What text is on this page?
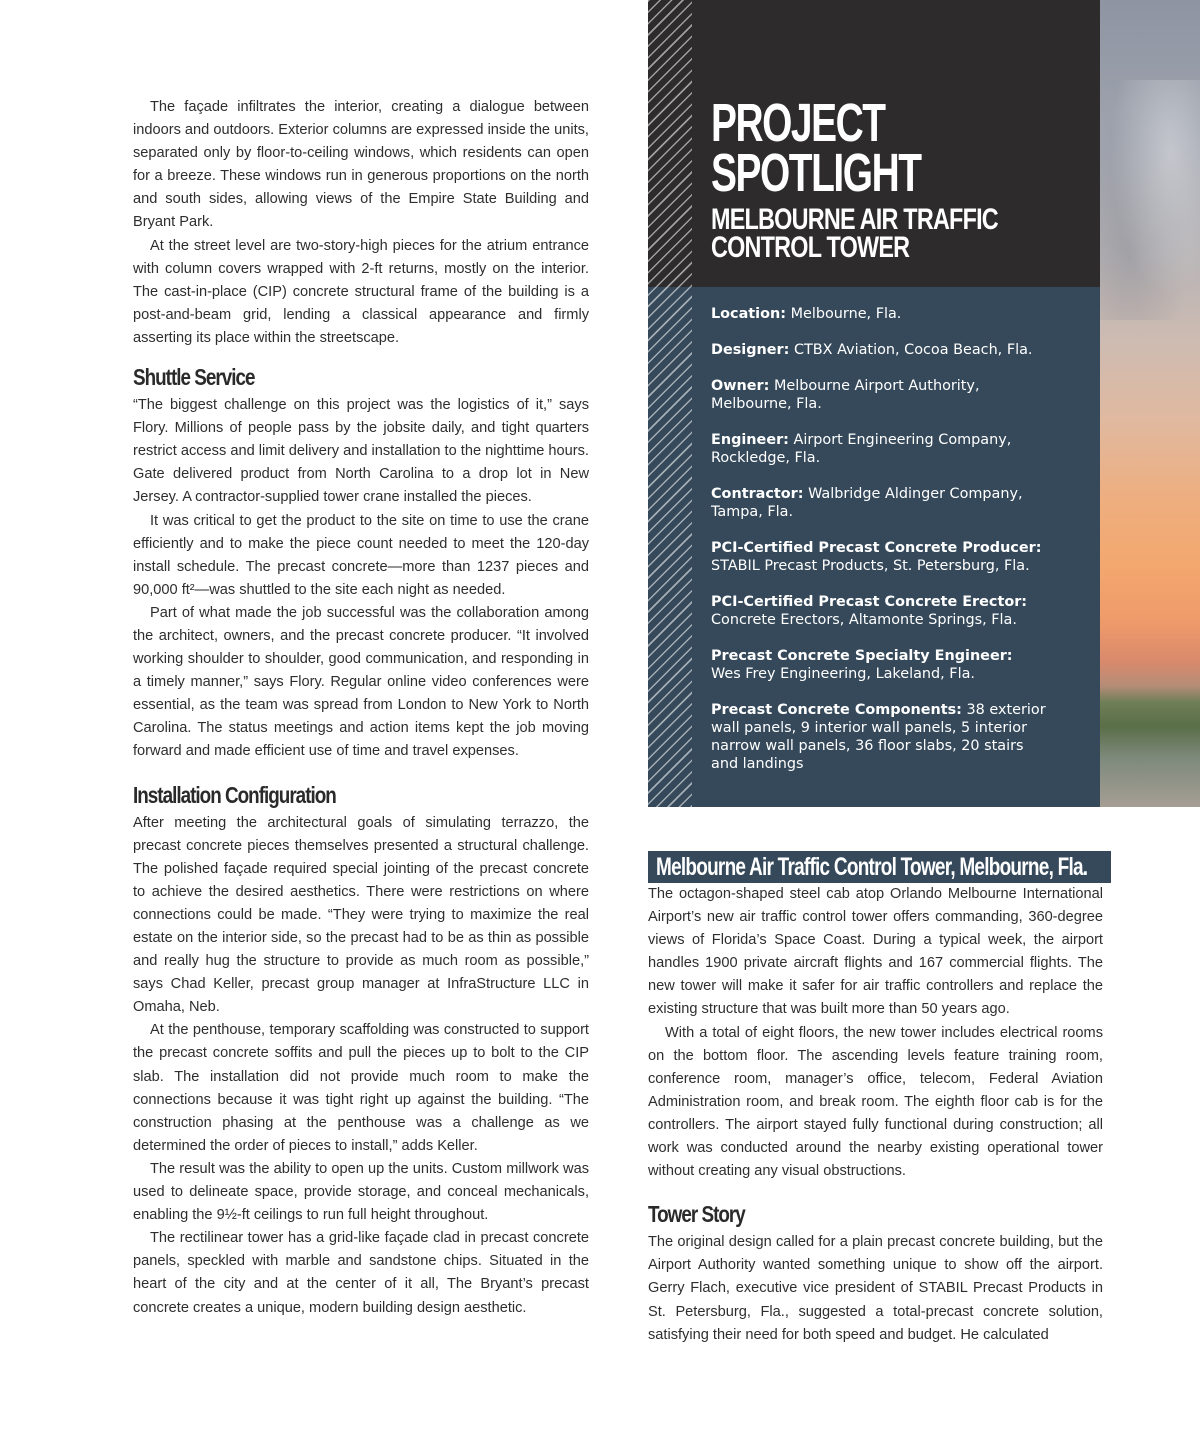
The façade infiltrates the interior, creating a dialogue between indoors and outdoors. Exterior columns are expressed inside the units, separated only by floor-to-ceiling windows, which residents can open for a breeze. These windows run in generous proportions on the north and south sides, allowing views of the Empire State Building and Bryant Park.

At the street level are two-story-high pieces for the atrium entrance with column covers wrapped with 2-ft returns, mostly on the interior. The cast-in-place (CIP) concrete structural frame of the building is a post-and-beam grid, lending a classical appearance and firmly asserting its place within the streetscape.

Shuttle Service

“The biggest challenge on this project was the logistics of it,” says Flory. Millions of people pass by the jobsite daily, and tight quarters restrict access and limit delivery and installation to the nighttime hours. Gate delivered product from North Carolina to a drop lot in New Jersey. A contractor-supplied tower crane installed the pieces.

It was critical to get the product to the site on time to use the crane efficiently and to make the piece count needed to meet the 120-day install schedule. The precast concrete—more than 1237 pieces and 90,000 ft²—was shuttled to the site each night as needed.

Part of what made the job successful was the collaboration among the architect, owners, and the precast concrete producer. “It involved working shoulder to shoulder, good communication, and responding in a timely manner,” says Flory. Regular online video conferences were essential, as the team was spread from London to New York to North Carolina. The status meetings and action items kept the job moving forward and made efficient use of time and travel expenses.

Installation Configuration

After meeting the architectural goals of simulating terrazzo, the precast concrete pieces themselves presented a structural challenge. The polished façade required special jointing of the precast concrete to achieve the desired aesthetics. There were restrictions on where connections could be made. “They were trying to maximize the real estate on the interior side, so the precast had to be as thin as possible and really hug the structure to provide as much room as possible,” says Chad Keller, precast group manager at InfraStructure LLC in Omaha, Neb.

At the penthouse, temporary scaffolding was constructed to support the precast concrete soffits and pull the pieces up to bolt to the CIP slab. The installation did not provide much room to make the connections because it was tight right up against the building. “The construction phasing at the penthouse was a challenge as we determined the order of pieces to install,” adds Keller.

The result was the ability to open up the units. Custom millwork was used to delineate space, provide storage, and conceal mechanicals, enabling the 9½-ft ceilings to run full height throughout.

The rectilinear tower has a grid-like façade clad in precast concrete panels, speckled with marble and sandstone chips. Situated in the heart of the city and at the center of it all, The Bryant’s precast concrete creates a unique, modern building design aesthetic.

PROJECT
SPOTLIGHT
MELBOURNE AIR TRAFFIC
CONTROL TOWER

Location: Melbourne, Fla.

Designer: CTBX Aviation, Cocoa Beach, Fla.

Owner: Melbourne Airport Authority, Melbourne, Fla.

Engineer: Airport Engineering Company, Rockledge, Fla.

Contractor: Walbridge Aldinger Company, Tampa, Fla.

PCI-Certified Precast Concrete Producer:
STABIL Precast Products, St. Petersburg, Fla.

PCI-Certified Precast Concrete Erector:
Concrete Erectors, Altamonte Springs, Fla.

Precast Concrete Specialty Engineer:
Wes Frey Engineering, Lakeland, Fla.

Precast Concrete Components: 38 exterior wall panels, 9 interior wall panels, 5 interior narrow wall panels, 36 floor slabs, 20 stairs and landings

Melbourne Air Traffic Control Tower, Melbourne, Fla.

The octagon-shaped steel cab atop Orlando Melbourne International Airport’s new air traffic control tower offers commanding, 360-degree views of Florida’s Space Coast. During a typical week, the airport handles 1900 private aircraft flights and 167 commercial flights. The new tower will make it safer for air traffic controllers and replace the existing structure that was built more than 50 years ago.

With a total of eight floors, the new tower includes electrical rooms on the bottom floor. The ascending levels feature training room, conference room, manager’s office, telecom, Federal Aviation Administration room, and break room. The eighth floor cab is for the controllers. The airport stayed fully functional during construction; all work was conducted around the nearby existing operational tower without creating any visual obstructions.

Tower Story

The original design called for a plain precast concrete building, but the Airport Authority wanted something unique to show off the airport. Gerry Flach, executive vice president of STABIL Precast Products in St. Petersburg, Fla., suggested a total-precast concrete solution, satisfying their need for both speed and budget. He calculated
